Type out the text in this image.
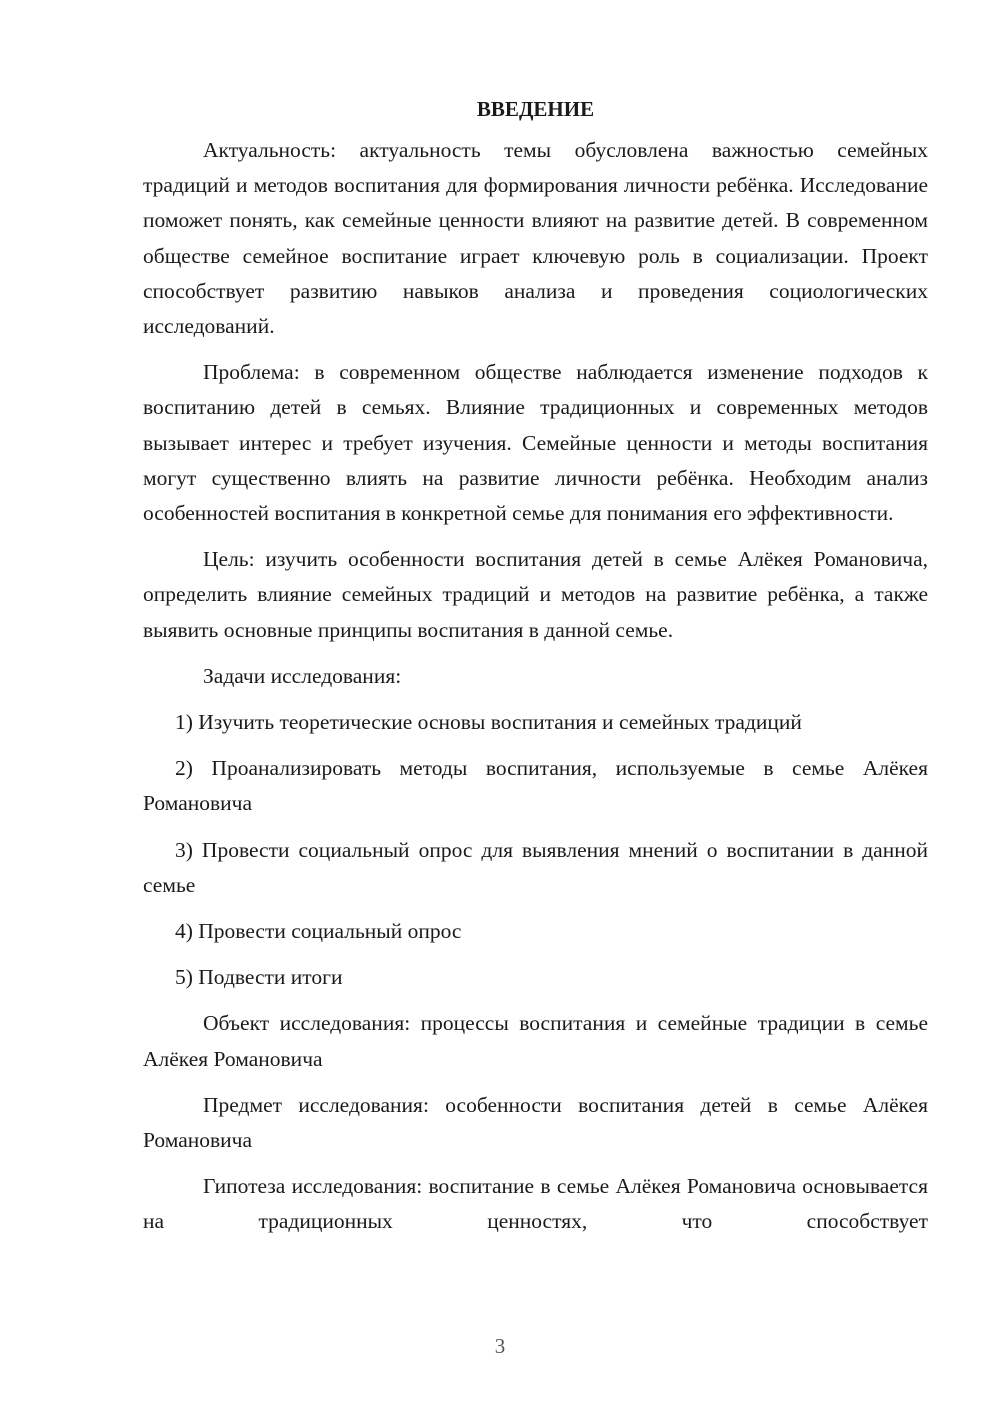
ВВЕДЕНИЕ

Актуальность: актуальность темы обусловлена важностью семейных традиций и методов воспитания для формирования личности ребёнка. Исследование поможет понять, как семейные ценности влияют на развитие детей. В современном обществе семейное воспитание играет ключевую роль в социализации. Проект способствует развитию навыков анализа и проведения социологических исследований.

Проблема: в современном обществе наблюдается изменение подходов к воспитанию детей в семьях. Влияние традиционных и современных методов вызывает интерес и требует изучения. Семейные ценности и методы воспитания могут существенно влиять на развитие личности ребёнка. Необходим анализ особенностей воспитания в конкретной семье для понимания его эффективности.

Цель: изучить особенности воспитания детей в семье Алёкея Романовича, определить влияние семейных традиций и методов на развитие ребёнка, а также выявить основные принципы воспитания в данной семье.

Задачи исследования:

1) Изучить теоретические основы воспитания и семейных традиций

2) Проанализировать методы воспитания, используемые в семье Алёкея Романовича

3) Провести социальный опрос для выявления мнений о воспитании в данной семье

4) Провести социальный опрос

5) Подвести итоги

Объект исследования: процессы воспитания и семейные традиции в семье Алёкея Романовича

Предмет исследования: особенности воспитания детей в семье Алёкея Романовича

Гипотеза исследования: воспитание в семье Алёкея Романовича основывается на традиционных ценностях, что способствует

3
